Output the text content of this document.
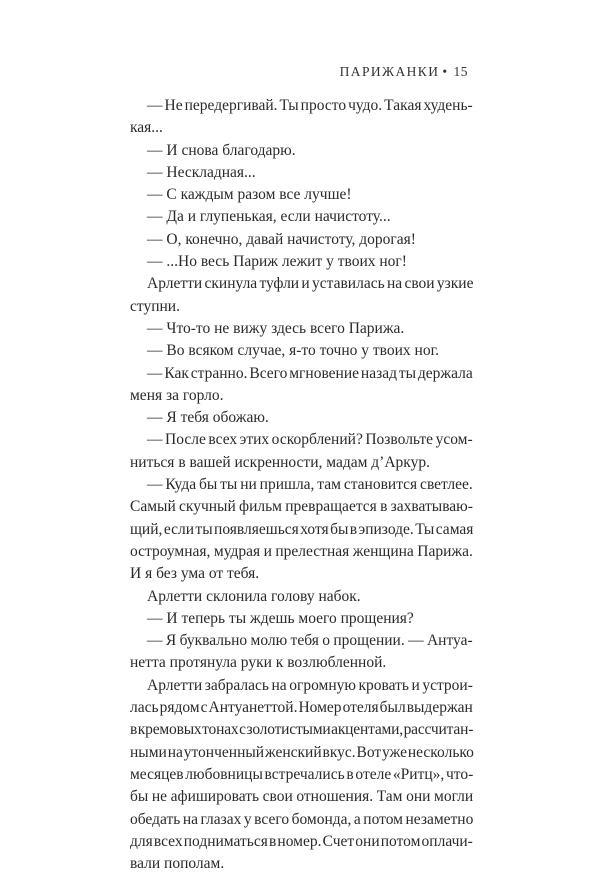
ПАРИЖАНКИ • 15
— Не передергивай. Ты просто чудо. Такая худень-
кая...
— И снова благодарю.
— Нескладная...
— С каждым разом все лучше!
— Да и глупенькая, если начистоту...
— О, конечно, давай начистоту, дорогая!
— ...Но весь Париж лежит у твоих ног!
Арлетти скинула туфли и уставилась на свои узкие
ступни.
— Что-то не вижу здесь всего Парижа.
— Во всяком случае, я-то точно у твоих ног.
— Как странно. Всего мгновение назад ты держала
меня за горло.
— Я тебя обожаю.
— После всех этих оскорблений? Позвольте усом-
ниться в вашей искренности, мадам д’Аркур.
— Куда бы ты ни пришла, там становится светлее.
Самый скучный фильм превращается в захватываю-
щий, если ты появляешься хотя бы в эпизоде. Ты самая
остроумная, мудрая и прелестная женщина Парижа.
И я без ума от тебя.
Арлетти склонила голову набок.
— И теперь ты ждешь моего прощения?
— Я буквально молю тебя о прощении. — Антуа-
нетта протянула руки к возлюбленной.
Арлетти забралась на огромную кровать и устрои-
лась рядом с Антуанеттой. Номер отеля был выдержан
в кремовых тонах с золотистыми акцентами, рассчитан-
ными на утонченный женский вкус. Вот уже несколько
месяцев любовницы встречались в отеле «Ритц», что-
бы не афишировать свои отношения. Там они могли
обедать на глазах у всего бомонда, а потом незаметно
для всех подниматься в номер. Счет они потом оплачи-
вали пополам.
